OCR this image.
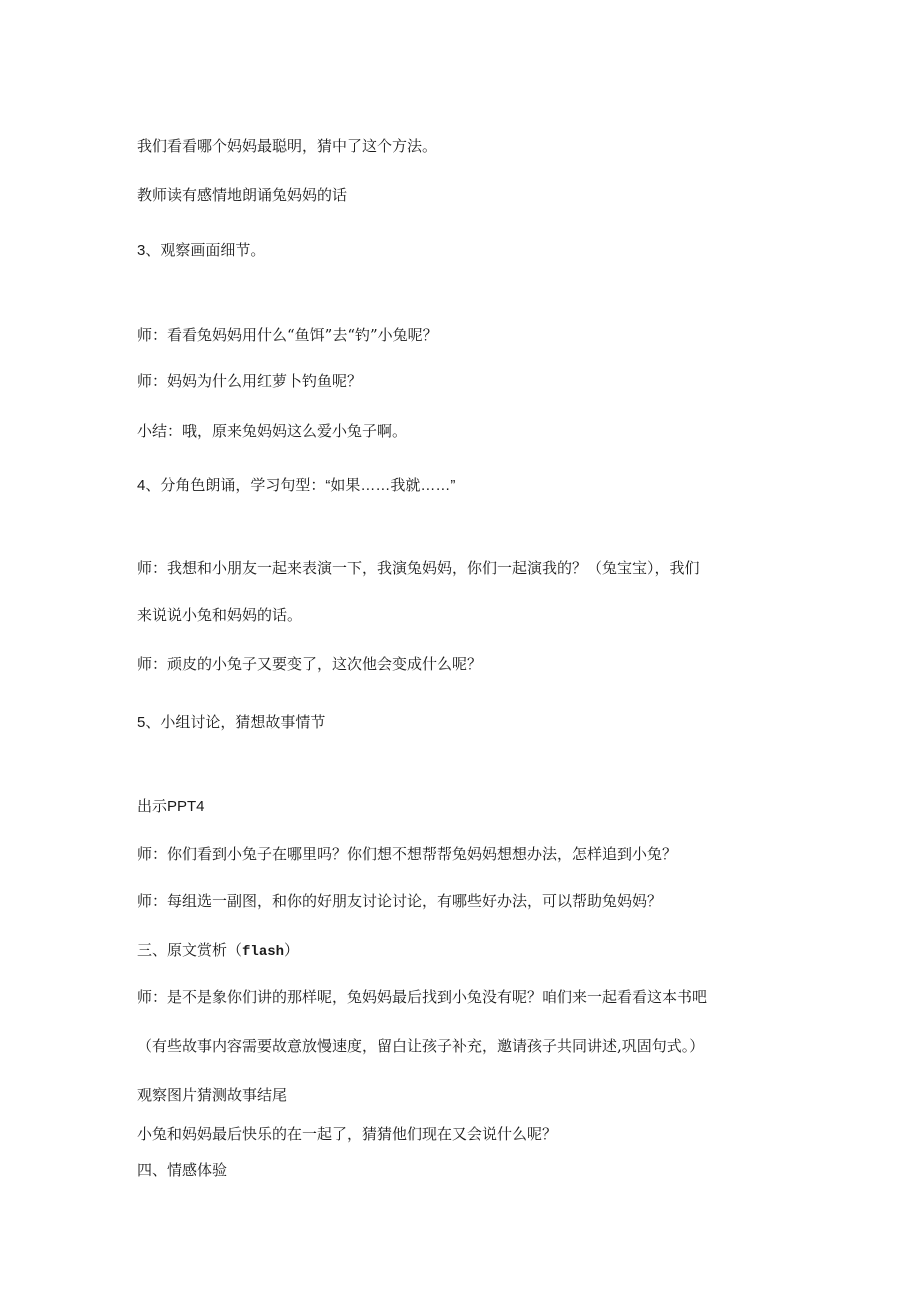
我们看看哪个妈妈最聪明，猜中了这个方法。
教师读有感情地朗诵兔妈妈的话
3、观察画面细节。
师：看看兔妈妈用什么“鱼饵”去“钓”小兔呢？
师：妈妈为什么用红萝卜钓鱼呢？
小结：哦，原来兔妈妈这么爱小兔子啊。
4、分角色朗诵，学习句型：“如果……我就……”
师：我想和小朋友一起来表演一下，我演兔妈妈，你们一起演我的？（兔宝宝），我们
来说说小兔和妈妈的话。
师：顽皮的小兔子又要变了，这次他会变成什么呢？
5、小组讨论，猜想故事情节
出示PPT4
师：你们看到小兔子在哪里吗？你们想不想帮帮兔妈妈想想办法，怎样追到小兔？
师：每组选一副图，和你的好朋友讨论讨论，有哪些好办法，可以帮助兔妈妈？
三、原文赏析（flash）
师：是不是象你们讲的那样呢，兔妈妈最后找到小兔没有呢？咱们来一起看看这本书吧
（有些故事内容需要故意放慢速度，留白让孩子补充，邀请孩子共同讲述,巩固句式。）
观察图片猜测故事结尾
小兔和妈妈最后快乐的在一起了，猜猜他们现在又会说什么呢？
四、情感体验
